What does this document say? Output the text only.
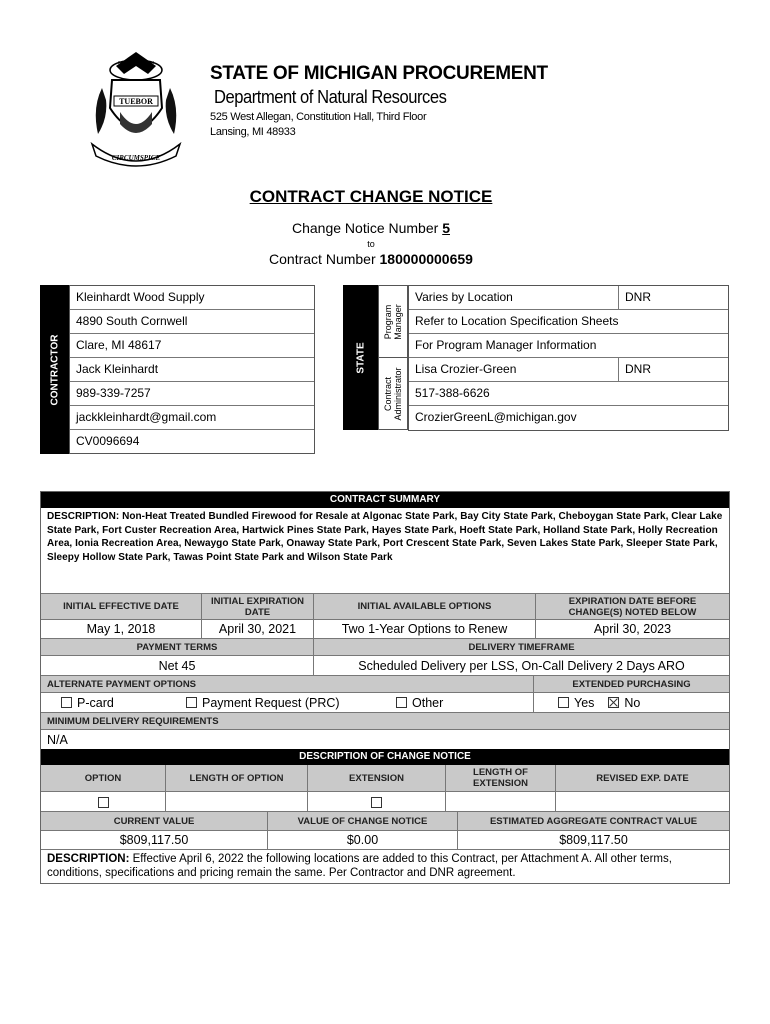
TUEBOR
CIRCUMSPICE
E PLURIBUS UNUM
STATE OF MICHIGAN PROCUREMENT
Department of Natural Resources
525 West Allegan, Constitution Hall, Third Floor
Lansing, MI 48933
CONTRACT CHANGE NOTICE
Change Notice Number 5
to
Contract Number 180000000659
CONTRACTOR
Kleinhardt Wood Supply
4890 South Cornwell
Clare, MI 48617
Jack Kleinhardt
989-339-7257
jackkleinhardt@gmail.com
CV0096694
STATE
Program Manager
Contract Administrator
Varies by Location	DNR
Refer to Location Specification Sheets
For Program Manager Information
Lisa Crozier-Green	DNR
517-388-6626
CrozierGreenL@michigan.gov
CONTRACT SUMMARY
DESCRIPTION: Non-Heat Treated Bundled Firewood for Resale at Algonac State Park, Bay City State Park, Cheboygan State Park, Clear Lake State Park, Fort Custer Recreation Area, Hartwick Pines State Park, Hayes State Park, Hoeft State Park, Holland State Park, Holly Recreation Area, Ionia Recreation Area, Newaygo State Park, Onaway State Park, Port Crescent State Park, Seven Lakes State Park, Sleeper State Park, Sleepy Hollow State Park, Tawas Point State Park and Wilson State Park
INITIAL EFFECTIVE DATE	INITIAL EXPIRATION DATE	INITIAL AVAILABLE OPTIONS	EXPIRATION DATE BEFORE CHANGE(S) NOTED BELOW
May 1, 2018	April 30, 2021	Two 1-Year Options to Renew	April 30, 2023
PAYMENT TERMS	DELIVERY TIMEFRAME
Net 45	Scheduled Delivery per LSS, On-Call Delivery 2 Days ARO
ALTERNATE PAYMENT OPTIONS	EXTENDED PURCHASING
P-card	Payment Request (PRC)	Other	Yes	No
MINIMUM DELIVERY REQUIREMENTS
N/A
DESCRIPTION OF CHANGE NOTICE
OPTION	LENGTH OF OPTION	EXTENSION	LENGTH OF EXTENSION	REVISED EXP. DATE
CURRENT VALUE	VALUE OF CHANGE NOTICE	ESTIMATED AGGREGATE CONTRACT VALUE
$809,117.50	$0.00	$809,117.50
DESCRIPTION: Effective April 6, 2022 the following locations are added to this Contract, per Attachment A. All other terms, conditions, specifications and pricing remain the same. Per Contractor and DNR agreement.
